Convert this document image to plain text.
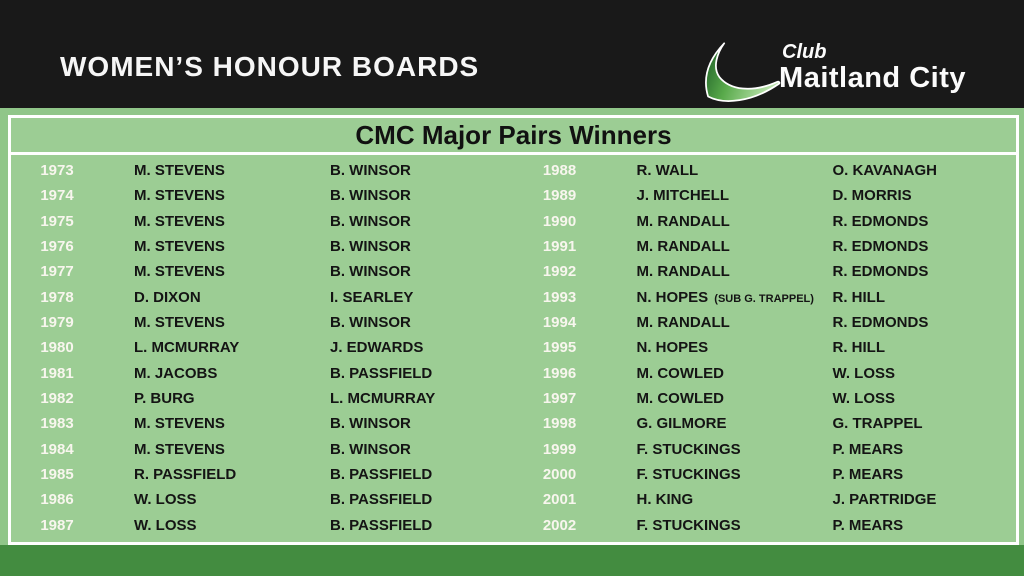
WOMEN’S HONOUR BOARDS	Club
Maitland City
CMC Major Pairs Winners
1973	M. STEVENS	B. WINSOR	1988	R. WALL	O. KAVANAGH
1974	M. STEVENS	B. WINSOR	1989	J. MITCHELL	D. MORRIS
1975	M. STEVENS	B. WINSOR	1990	M. RANDALL	R. EDMONDS
1976	M. STEVENS	B. WINSOR	1991	M. RANDALL	R. EDMONDS
1977	M. STEVENS	B. WINSOR	1992	M. RANDALL	R. EDMONDS
1978	D. DIXON	I. SEARLEY	1993	N. HOPES  (SUB G. TRAPPEL)	R. HILL
1979	M. STEVENS	B. WINSOR	1994	M. RANDALL	R. EDMONDS
1980	L. MCMURRAY	J. EDWARDS	1995	N. HOPES	R. HILL
1981	M. JACOBS	B. PASSFIELD	1996	M. COWLED	W. LOSS
1982	P. BURG	L. MCMURRAY	1997	M. COWLED	W. LOSS
1983	M. STEVENS	B. WINSOR	1998	G. GILMORE	G. TRAPPEL
1984	M. STEVENS	B. WINSOR	1999	F. STUCKINGS	P. MEARS
1985	R. PASSFIELD	B. PASSFIELD	2000	F. STUCKINGS	P. MEARS
1986	W. LOSS	B. PASSFIELD	2001	H. KING	J. PARTRIDGE
1987	W. LOSS	B. PASSFIELD	2002	F. STUCKINGS	P. MEARS
